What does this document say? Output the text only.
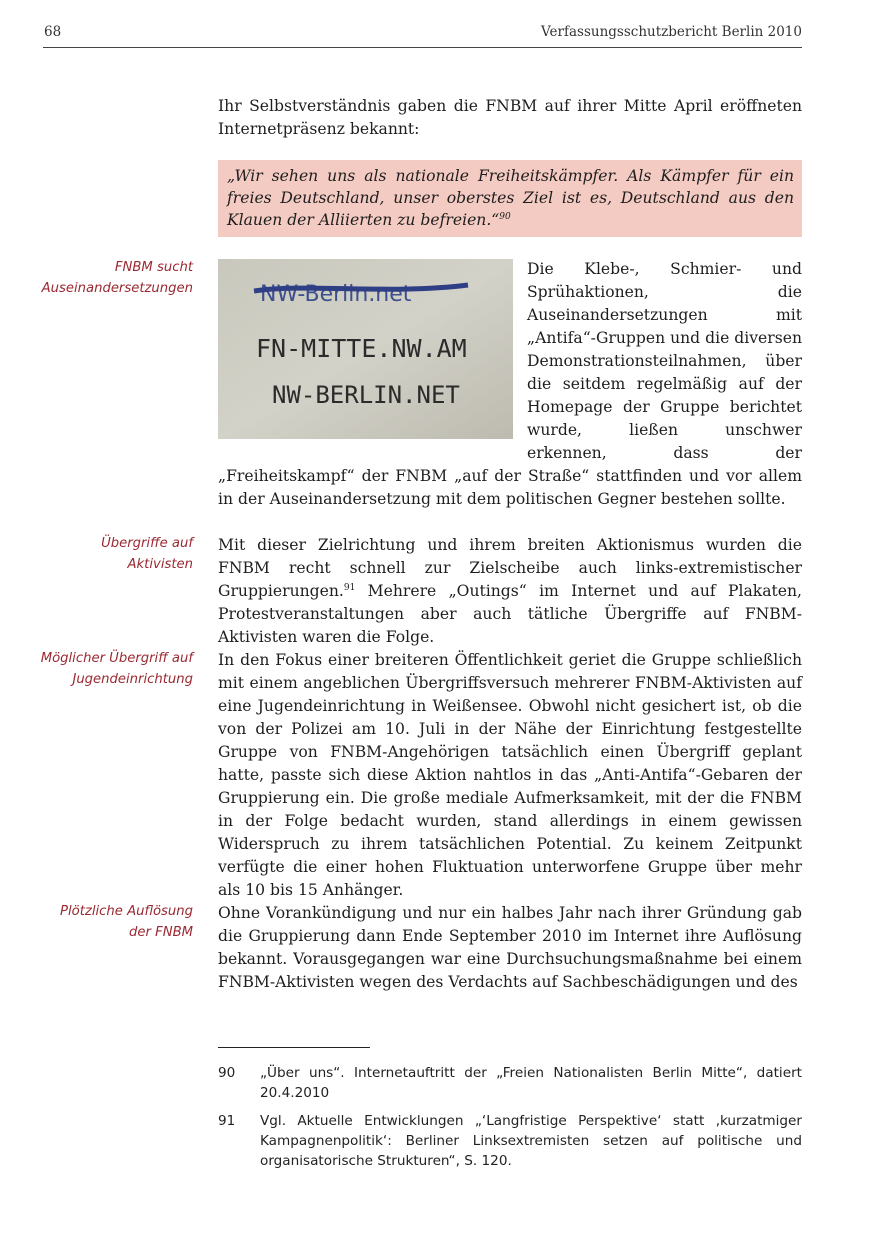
68	Verfassungsschutzbericht Berlin 2010

Ihr Selbstverständnis gaben die FNBM auf ihrer Mitte April eröffneten Internetpräsenz bekannt:

„Wir sehen uns als nationale Freiheitskämpfer. Als Kämpfer für ein freies Deutschland, unser oberstes Ziel ist es, Deutschland aus den Klauen der Alliierten zu befreien.“$^{90}$
FNBM sucht
Auseinandersetzungen	NW-Berlin.net
FN-MITTE.NW.AM
NW-BERLIN.NET
Die Klebe-, Schmier- und Sprühaktionen, die Auseinandersetzungen mit „Antifa“-Gruppen und die diversen Demonstrationsteilnahmen, über die seitdem regelmäßig auf der Homepage der Gruppe berichtet wurde, ließen unschwer erkennen, dass der „Freiheitskampf“ der FNBM „auf der Straße“ stattfinden und vor allem in der Auseinandersetzung mit dem politischen Gegner bestehen sollte.
Übergriffe auf
Aktivisten

Mit dieser Zielrichtung und ihrem breiten Aktionismus wurden die FNBM recht schnell zur Zielscheibe auch links-extremistischer Gruppierungen.$^{91}$ Mehrere „Outings“ im Internet und auf Plakaten, Protestveranstaltungen aber auch tätliche Übergriffe auf FNBM-Aktivisten waren die Folge.

Möglicher Übergriff auf
Jugendeinrichtung

In den Fokus einer breiteren Öffentlichkeit geriet die Gruppe schließlich mit einem angeblichen Übergriffsversuch mehrerer FNBM-Aktivisten auf eine Jugendeinrichtung in Weißensee. Obwohl nicht gesichert ist, ob die von der Polizei am 10. Juli in der Nähe der Einrichtung festgestellte Gruppe von FNBM-Angehörigen tatsächlich einen Übergriff geplant hatte, passte sich diese Aktion nahtlos in das „Anti-Antifa“-Gebaren der Gruppierung ein. Die große mediale Aufmerksamkeit, mit der die FNBM in der Folge bedacht wurden, stand allerdings in einem gewissen Widerspruch zu ihrem tatsächlichen Potential. Zu keinem Zeitpunkt verfügte die einer hohen Fluktuation unterworfene Gruppe über mehr als 10 bis 15 Anhänger.

Plötzliche Auflösung
der FNBM

Ohne Vorankündigung und nur ein halbes Jahr nach ihrer Gründung gab die Gruppierung dann Ende September 2010 im Internet ihre Auflösung bekannt. Vorausgegangen war eine Durchsuchungsmaßnahme bei einem FNBM-Aktivisten wegen des Verdachts auf Sachbeschädigungen und des

90 „Über uns“. Internetauftritt der „Freien Nationalisten Berlin Mitte“, datiert 20.4.2010
91 Vgl. Aktuelle Entwicklungen „‘Langfristige Perspektive‘ statt ‚kurzatmiger Kampagnenpolitik‘: Berliner Linksextremisten setzen auf politische und organisatorische Strukturen“, S. 120.
